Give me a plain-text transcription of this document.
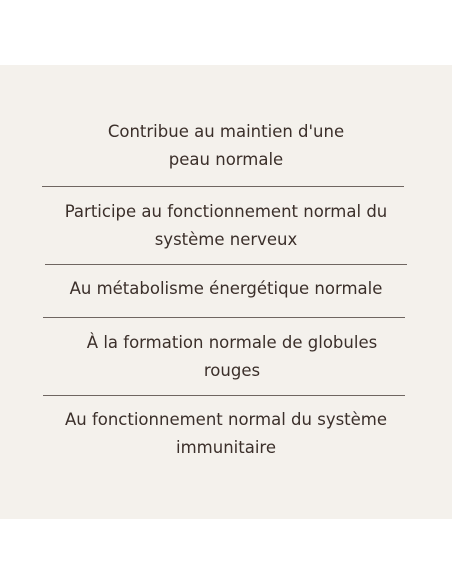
Contribue au maintien d'une
peau normale
Participe au fonctionnement normal du
système nerveux
Au métabolisme énergétique normale
À la formation normale de globules
rouges
Au fonctionnement normal du système
immunitaire
